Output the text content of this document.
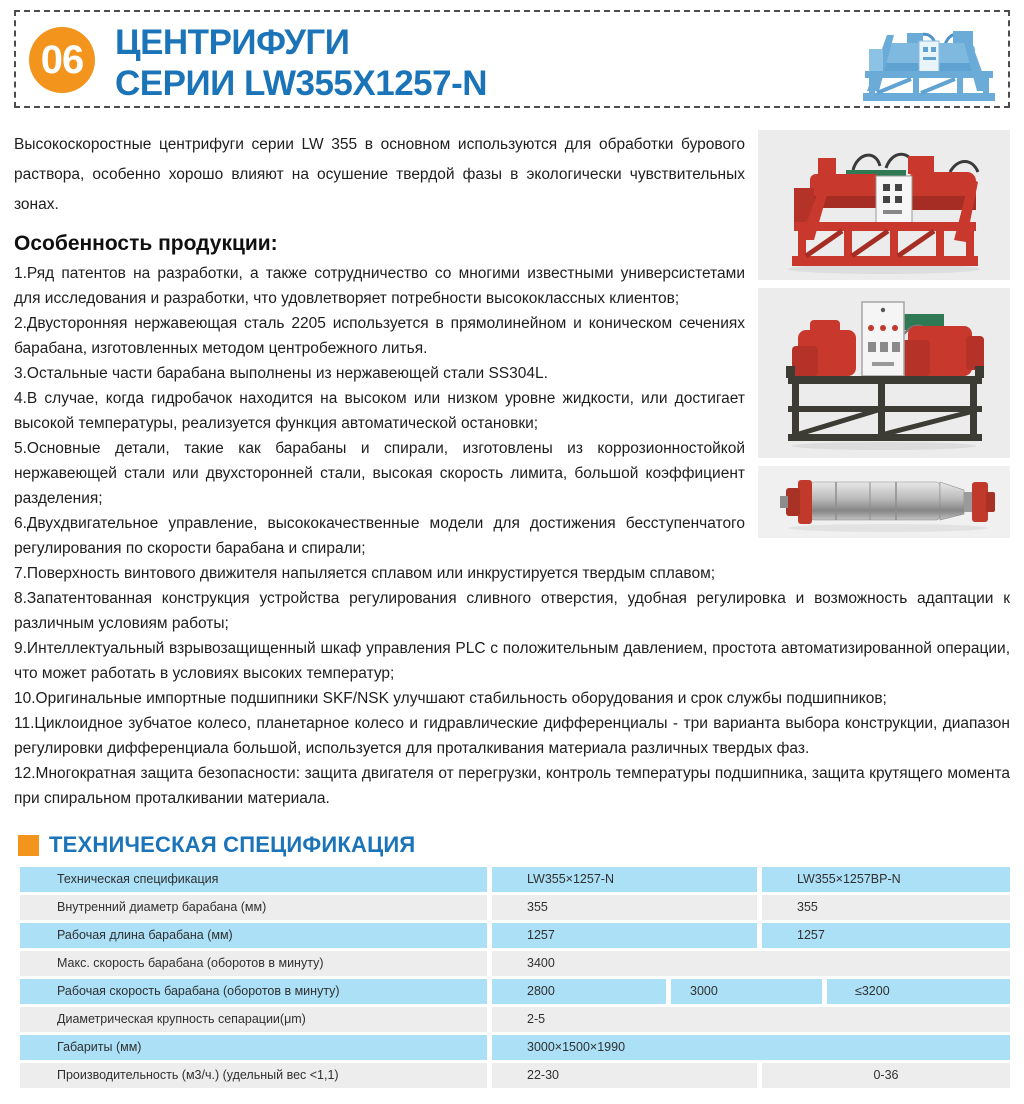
06 ЦЕНТРИФУГИ
СЕРИИ LW355X1257-N

Высокоскоростные центрифуги серии LW 355 в основном используются для обработки бурового раствора, особенно хорошо влияют на осушение твердой фазы в экологически чувствительных зонах.

Особенность продукции:

1.Ряд патентов на разработки, а также сотрудничество со многими известными универсистетами для исследования и разработки, что удовлетворяет потребности высококлассных клиентов;

2.Двусторонняя нержавеющая сталь 2205 используется в прямолинейном и коническом сечениях барабана, изготовленных методом центробежного литья.

3.Остальные части барабана выполнены из нержавеющей стали SS304L.

4.В случае, когда гидробачок находится на высоком или низком уровне жидкости, или достигает высокой температуры, реализуется функция автоматической остановки;

5.Основные детали, такие как барабаны и спирали, изготовлены из коррозионностойкой нержавеющей стали или двухсторонней стали, высокая скорость лимита, большой коэффициент разделения;

6.Двухдвигательное управление, высококачественные модели для достижения бесступенчатого регулирования по скорости барабана и спирали;

7.Поверхность винтового движителя напыляется сплавом или инкрустируется твердым сплавом;

8.Запатентованная конструкция устройства регулирования сливного отверстия, удобная регулировка и возможность адаптации к различным условиям работы;

9.Интеллектуальный взрывозащищенный шкаф управления PLC с положительным давлением, простота автоматизированной операции, что может работать в условиях высоких температур;

10.Оригинальные импортные подшипники SKF/NSK улучшают стабильность оборудования и срок службы подшипников;

11.Циклоидное зубчатое колесо, планетарное колесо и гидравлические дифференциалы - три варианта выбора конструкции, диапазон регулировки дифференциала большой, используется для проталкивания материала различных твердых фаз.

12.Многократная защита безопасности: защита двигателя от перегрузки, контроль температуры подшипника, защита крутящего момента при спиральном проталкивании материала.

ТЕХНИЧЕСКАЯ СПЕЦИФИКАЦИЯ
Техническая спецификация	LW355×1257-N	LW355×1257BP-N
Внутренний диаметр барабана (мм)	355	355
Рабочая длина барабана (мм)	1257	1257
Макс. скорость барабана (оборотов в минуту)	3400
Рабочая скорость барабана (оборотов в минуту)	2800	3000	≤3200
Диаметрическая крупность сепарации(μm)	2-5
Габариты (мм)	3000×1500×1990
Производительность (м3/ч.) (удельный вес <1,1)	22-30	0-36
